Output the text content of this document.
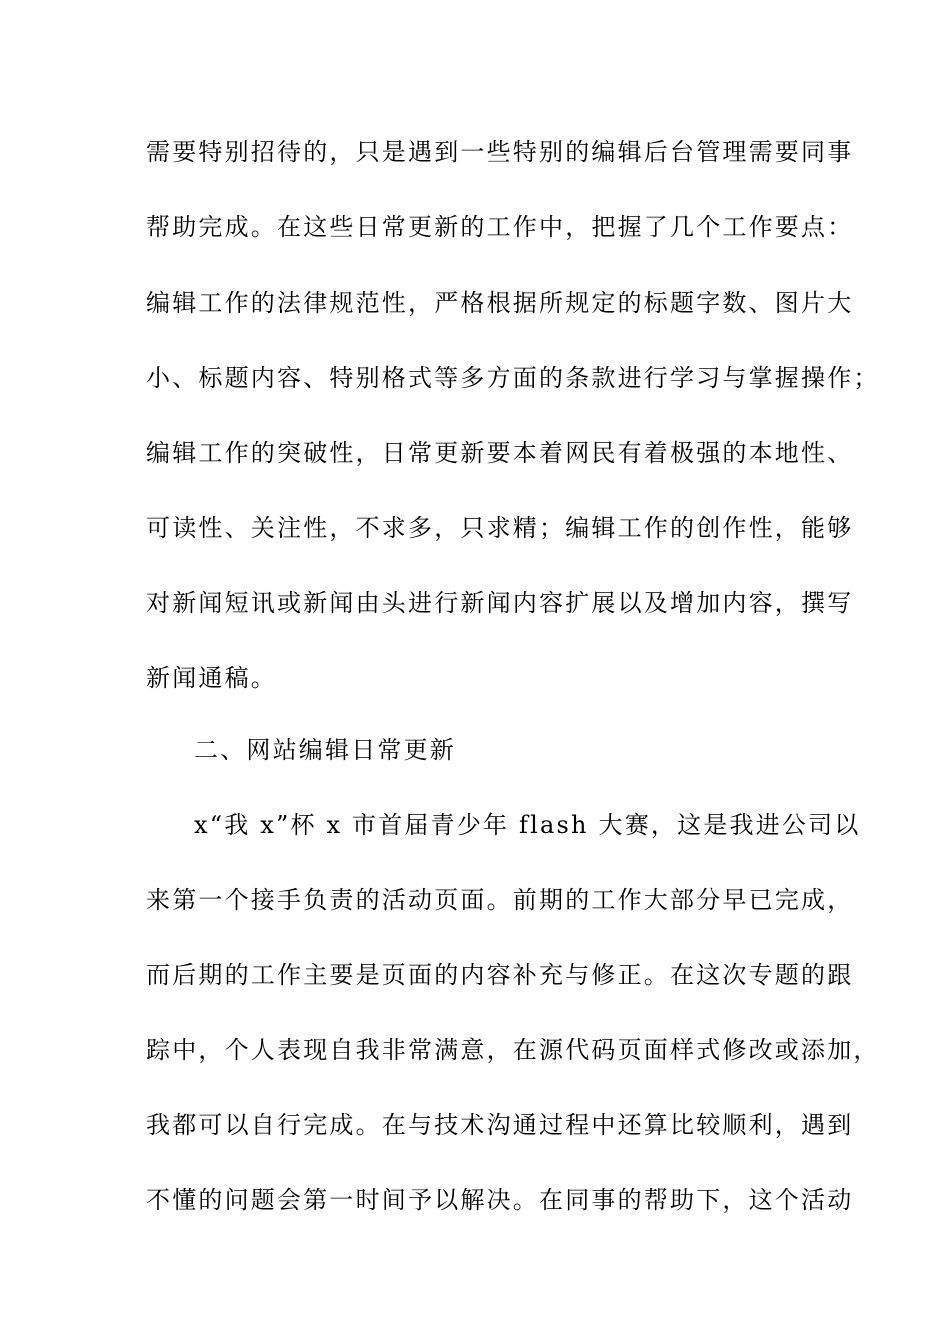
需要特别招待的，只是遇到一些特别的编辑后台管理需要同事

帮助完成。在这些日常更新的工作中，把握了几个工作要点：

编辑工作的法律规范性，严格根据所规定的标题字数、图片大

小、标题内容、特别格式等多方面的条款进行学习与掌握操作；

编辑工作的突破性，日常更新要本着网民有着极强的本地性、

可读性、关注性，不求多，只求精；编辑工作的创作性，能够

对新闻短讯或新闻由头进行新闻内容扩展以及增加内容，撰写

新闻通稿。

二、网站编辑日常更新

x“我 x”杯 x 市首届青少年 flash 大赛，这是我进公司以

来第一个接手负责的活动页面。前期的工作大部分早已完成，

而后期的工作主要是页面的内容补充与修正。在这次专题的跟

踪中，个人表现自我非常满意，在源代码页面样式修改或添加，

我都可以自行完成。在与技术沟通过程中还算比较顺利，遇到

不懂的问题会第一时间予以解决。在同事的帮助下，这个活动
